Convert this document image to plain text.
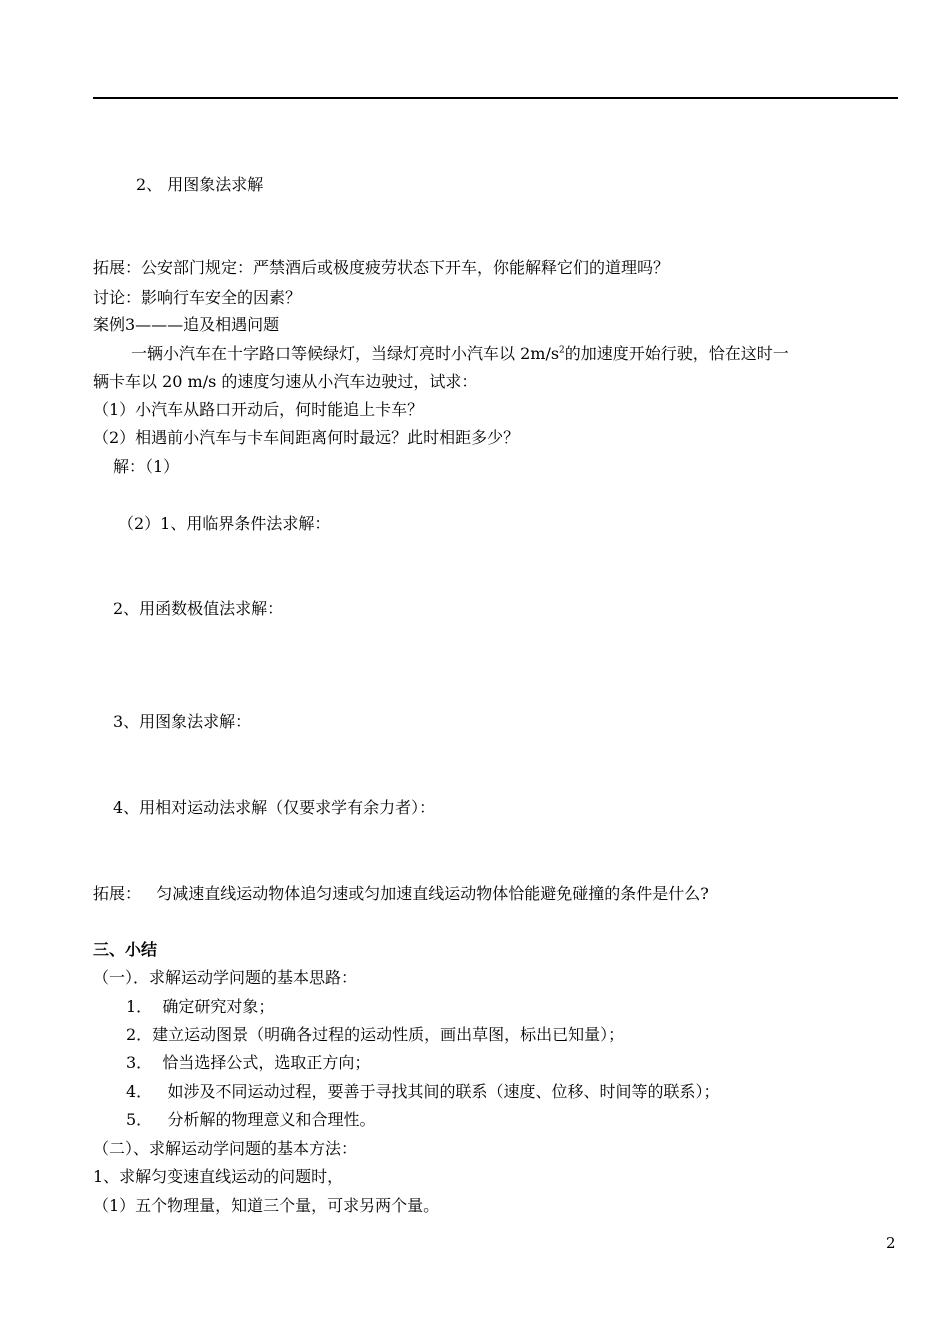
2、 用图象法求解
拓展：公安部门规定：严禁酒后或极度疲劳状态下开车，你能解释它们的道理吗？
讨论：影响行车安全的因素？
案例3———追及相遇问题
一辆小汽车在十字路口等候绿灯，当绿灯亮时小汽车以 $2m/s^2$的加速度开始行驶，恰在这时一
辆卡车以 20 m/s 的速度匀速从小汽车边驶过，试求：
（1）小汽车从路口开动后，何时能追上卡车？
（2）相遇前小汽车与卡车间距离何时最远？此时相距多少？
解：（1）
（2）1、用临界条件法求解：
2、用函数极值法求解：
3、用图象法求解：
4、用相对运动法求解（仅要求学有余力者）：
拓展：   匀减速直线运动物体追匀速或匀加速直线运动物体恰能避免碰撞的条件是什么?
三、小结
（一）．求解运动学问题的基本思路：
1．  确定研究对象；
2．建立运动图景（明确各过程的运动性质，画出草图，标出已知量）；
3．  恰当选择公式，选取正方向；
4．   如涉及不同运动过程，要善于寻找其间的联系（速度、位移、时间等的联系）；
5．   分析解的物理意义和合理性。
（二）、求解运动学问题的基本方法：
1、求解匀变速直线运动的问题时，
（1）五个物理量，知道三个量，可求另两个量。
2
